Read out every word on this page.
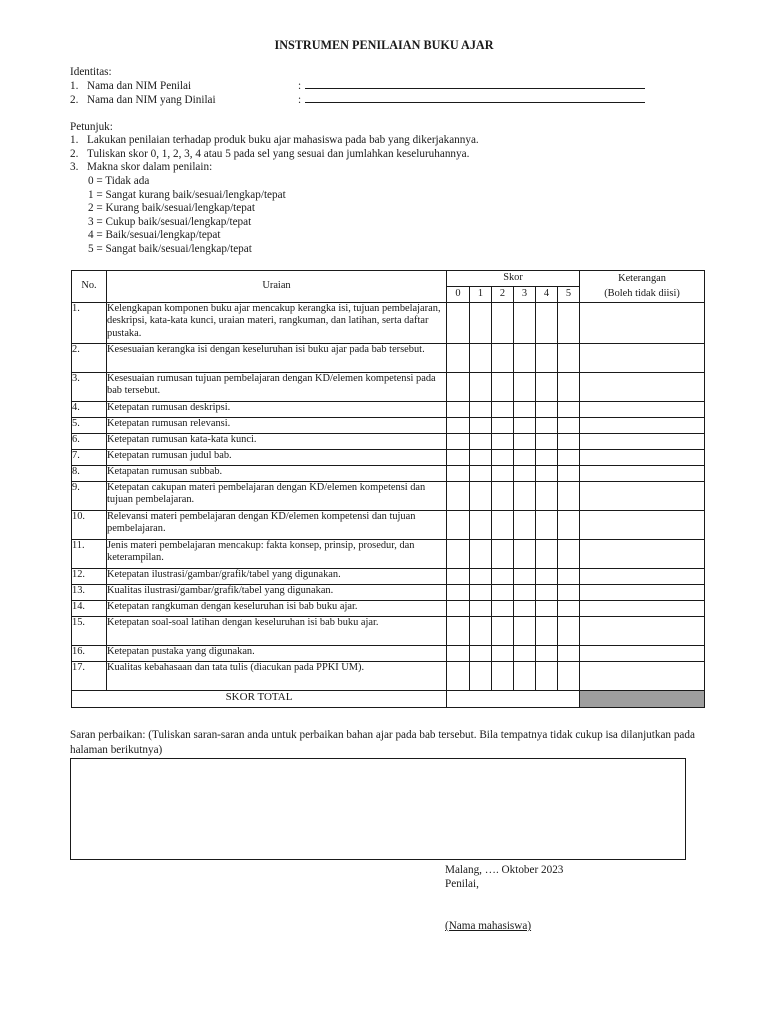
INSTRUMEN PENILAIAN BUKU AJAR
Identitas:
1. Nama dan NIM Penilai	:
2. Nama dan NIM yang Dinilai	:
Petunjuk:
1. Lakukan penilaian terhadap produk buku ajar mahasiswa pada bab yang dikerjakannya.
2. Tuliskan skor 0, 1, 2, 3, 4 atau 5 pada sel yang sesuai dan jumlahkan keseluruhannya.
3. Makna skor dalam penilain:
0 = Tidak ada
1 = Sangat kurang baik/sesuai/lengkap/tepat
2 = Kurang baik/sesuai/lengkap/tepat
3 = Cukup baik/sesuai/lengkap/tepat
4 = Baik/sesuai/lengkap/tepat
5 = Sangat baik/sesuai/lengkap/tepat
No.	Uraian	Skor						Keterangan
(Boleh tidak diisi)
		0	1	2	3	4	5	
1.	Kelengkapan komponen buku ajar mencakup kerangka isi, tujuan pembelajaran, deskripsi, kata-kata kunci, uraian materi, rangkuman, dan latihan, serta daftar pustaka.							
2.	Kesesuaian kerangka isi dengan keseluruhan isi buku ajar pada bab tersebut.							
3.	Kesesuaian rumusan tujuan pembelajaran dengan KD/elemen kompetensi pada bab tersebut.							
4.	Ketepatan rumusan deskripsi.							
5.	Ketepatan rumusan relevansi.							
6.	Ketepatan rumusan kata-kata kunci.							
7.	Ketepatan rumusan judul bab.							
8.	Ketapatan rumusan subbab.							
9.	Ketepatan cakupan materi pembelajaran dengan KD/elemen kompetensi dan tujuan pembelajaran.							
10.	Relevansi materi pembelajaran dengan KD/elemen kompetensi dan tujuan pembelajaran.							
11.	Jenis materi pembelajaran mencakup: fakta konsep, prinsip, prosedur, dan keterampilan.							
12.	Ketepatan ilustrasi/gambar/grafik/tabel yang digunakan.							
13.	Kualitas ilustrasi/gambar/grafik/tabel yang digunakan.							
14.	Ketepatan rangkuman dengan keseluruhan isi bab buku ajar.							
15.	Ketepatan soal-soal latihan dengan keseluruhan isi bab buku ajar.							
16.	Ketepatan pustaka yang digunakan.							
17.	Kualitas kebahasaan dan tata tulis (diacukan pada PPKI UM).							
SKOR TOTAL								
Saran perbaikan: (Tuliskan saran-saran anda untuk perbaikan bahan ajar pada bab tersebut. Bila tempatnya tidak cukup isa dilanjutkan pada halaman berikutnya)
Malang, …. Oktober 2023
Penilai,
(Nama mahasiswa)
